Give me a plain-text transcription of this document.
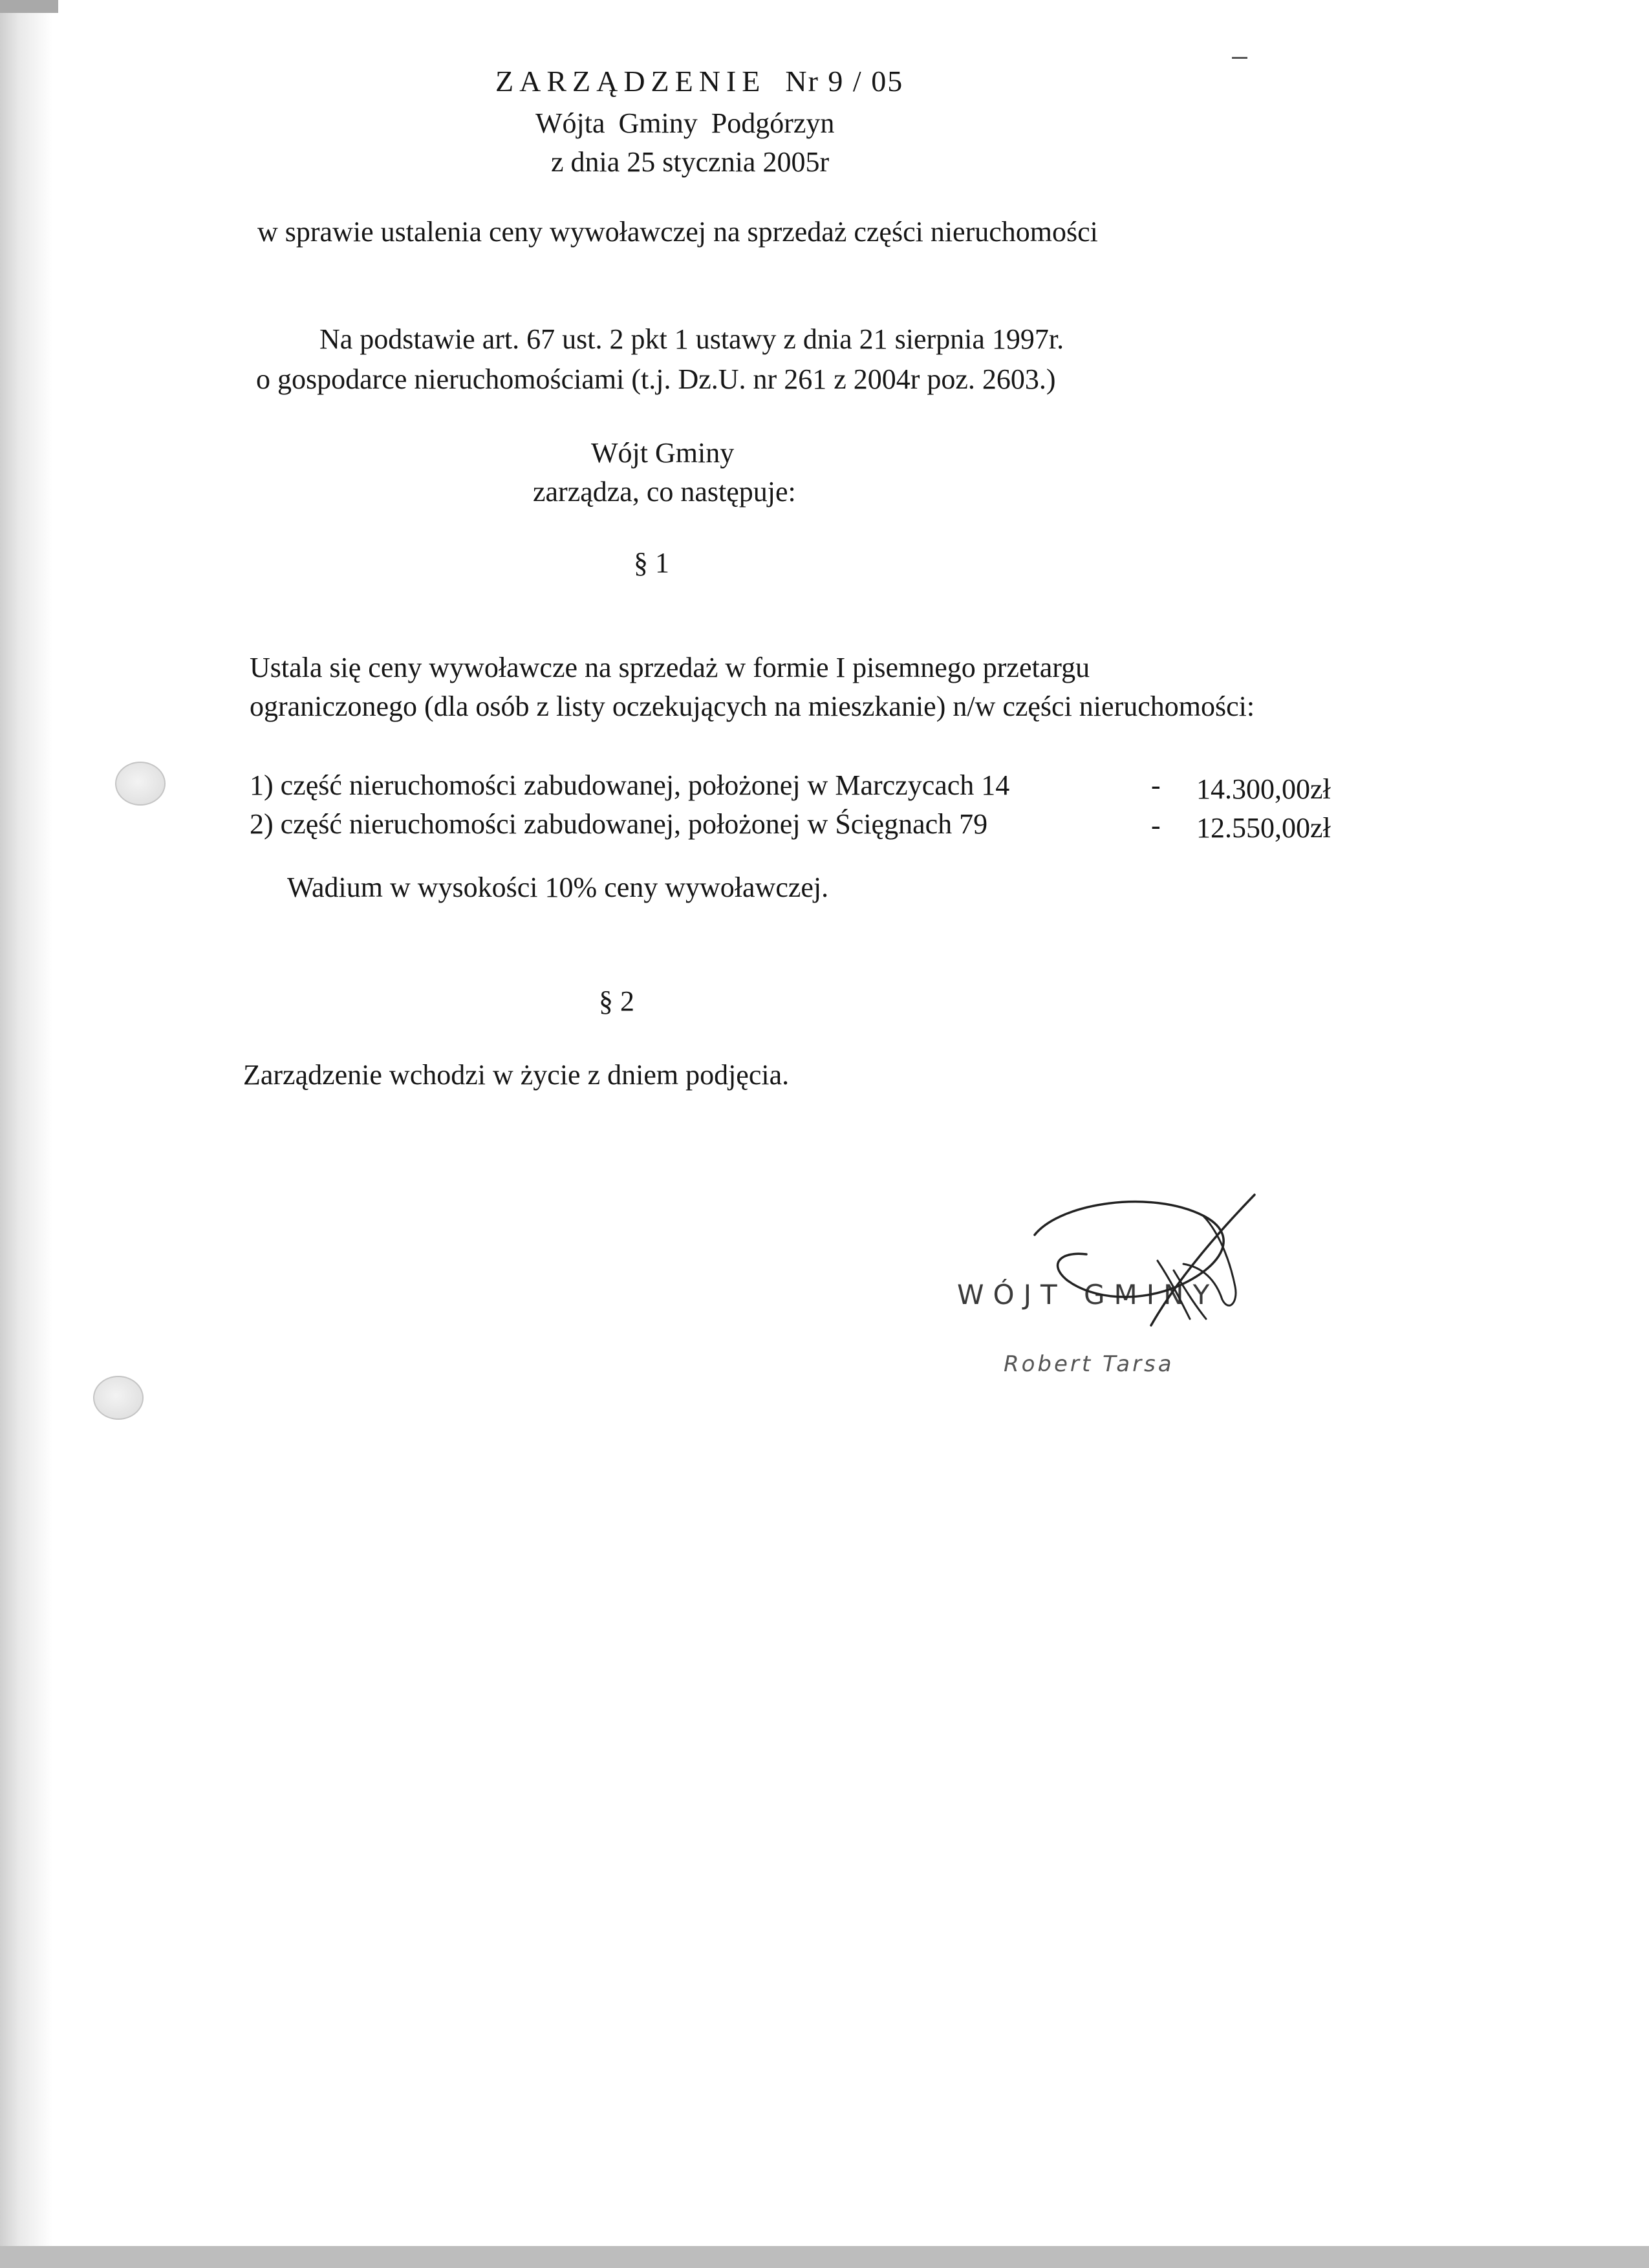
ZARZĄDZENIE Nr 9 / 05
Wójta Gminy Podgórzyn
z dnia 25 stycznia 2005r
w sprawie ustalenia ceny wywoławczej na sprzedaż części nieruchomości
Na podstawie art. 67 ust. 2 pkt 1 ustawy z dnia 21 sierpnia 1997r.
o gospodarce nieruchomościami (t.j. Dz.U. nr 261 z 2004r poz. 2603.)
Wójt Gminy
zarządza, co następuje:
§ 1
Ustala się ceny wywoławcze na sprzedaż w formie I pisemnego przetargu
ograniczonego (dla osób z listy oczekujących na mieszkanie) n/w części nieruchomości:
1) część nieruchomości zabudowanej, położonej w Marczycach 14	- 14.300,00zł
2) część nieruchomości zabudowanej, położonej w Ścięgnach 79	- 12.550,00zł
Wadium w wysokości 10% ceny wywoławczej.
§ 2
Zarządzenie wchodzi w życie z dniem podjęcia.
WÓJT GMINY
Robert Tarsa
